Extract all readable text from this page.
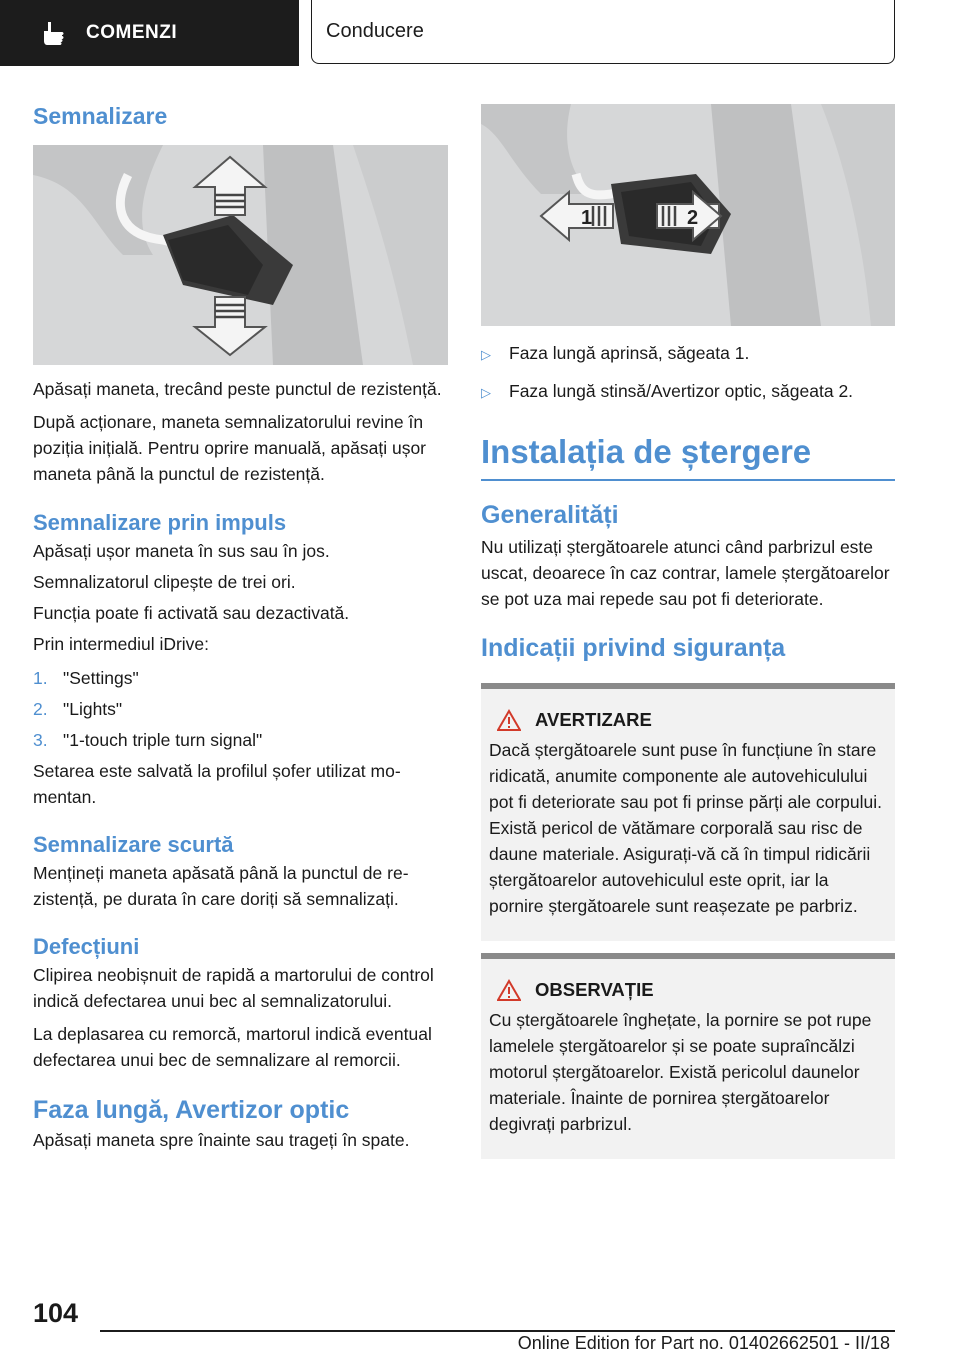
COMENZI	Conducere
Semnalizare

Apăsați maneta, trecând peste punctul de rezistență.

După acționare, maneta semnalizatorului revine în poziția inițială. Pentru oprire manuală, apăsați ușor maneta până la punctul de rezistență.

Semnalizare prin impuls

Apăsați ușor maneta în sus sau în jos.

Semnalizatorul clipește de trei ori.

Funcția poate fi activată sau dezactivată.

Prin intermediul iDrive:

1. "Settings"
2. "Lights"
3. "1-touch triple turn signal"

Setarea este salvată la profilul șofer utilizat momentan.

Semnalizare scurtă

Mențineți maneta apăsată până la punctul de rezistență, pe durata în care doriți să semnalizați.

Defecțiuni

Clipirea neobișnuit de rapidă a martorului de control indică defectarea unui bec al semnalizatorului.

La deplasarea cu remorcă, martorul indică eventual defectarea unui bec de semnalizare al remorcii.

Faza lungă, Avertizor optic

Apăsați maneta spre înainte sau trageți în spate.

1	2
▷	Faza lungă aprinsă, săgeata 1.
▷	Faza lungă stinsă/Avertizor optic, săgeata 2.
Instalația de ștergere
Generalități

Nu utilizați ștergătoarele atunci când parbrizul este uscat, deoarece în caz contrar, lamele ștergătoarelor se pot uza mai repede sau pot fi deteriorate.

Indicații privind siguranța
AVERTIZARE

Dacă ștergătoarele sunt puse în funcțiune în stare ridicată, anumite componente ale autovehiculului pot fi deteriorate sau pot fi prinse părți ale corpului. Există pericol de vătămare corporală sau risc de daune materiale. Asigurați-vă că în timpul ridicării ștergătoarelor autovehiculul este oprit, iar la pornire ștergătoarele sunt reașezate pe parbriz.

OBSERVAȚIE

Cu ștergătoarele înghețate, la pornire se pot rupe lamelele ștergătoarelor și se poate supraîncălzi motorul ștergătoarelor. Există pericolul daunelor materiale. Înainte de pornirea ștergătoarelor degivrați parbrizul.

104
Online Edition for Part no. 01402662501 - II/18
